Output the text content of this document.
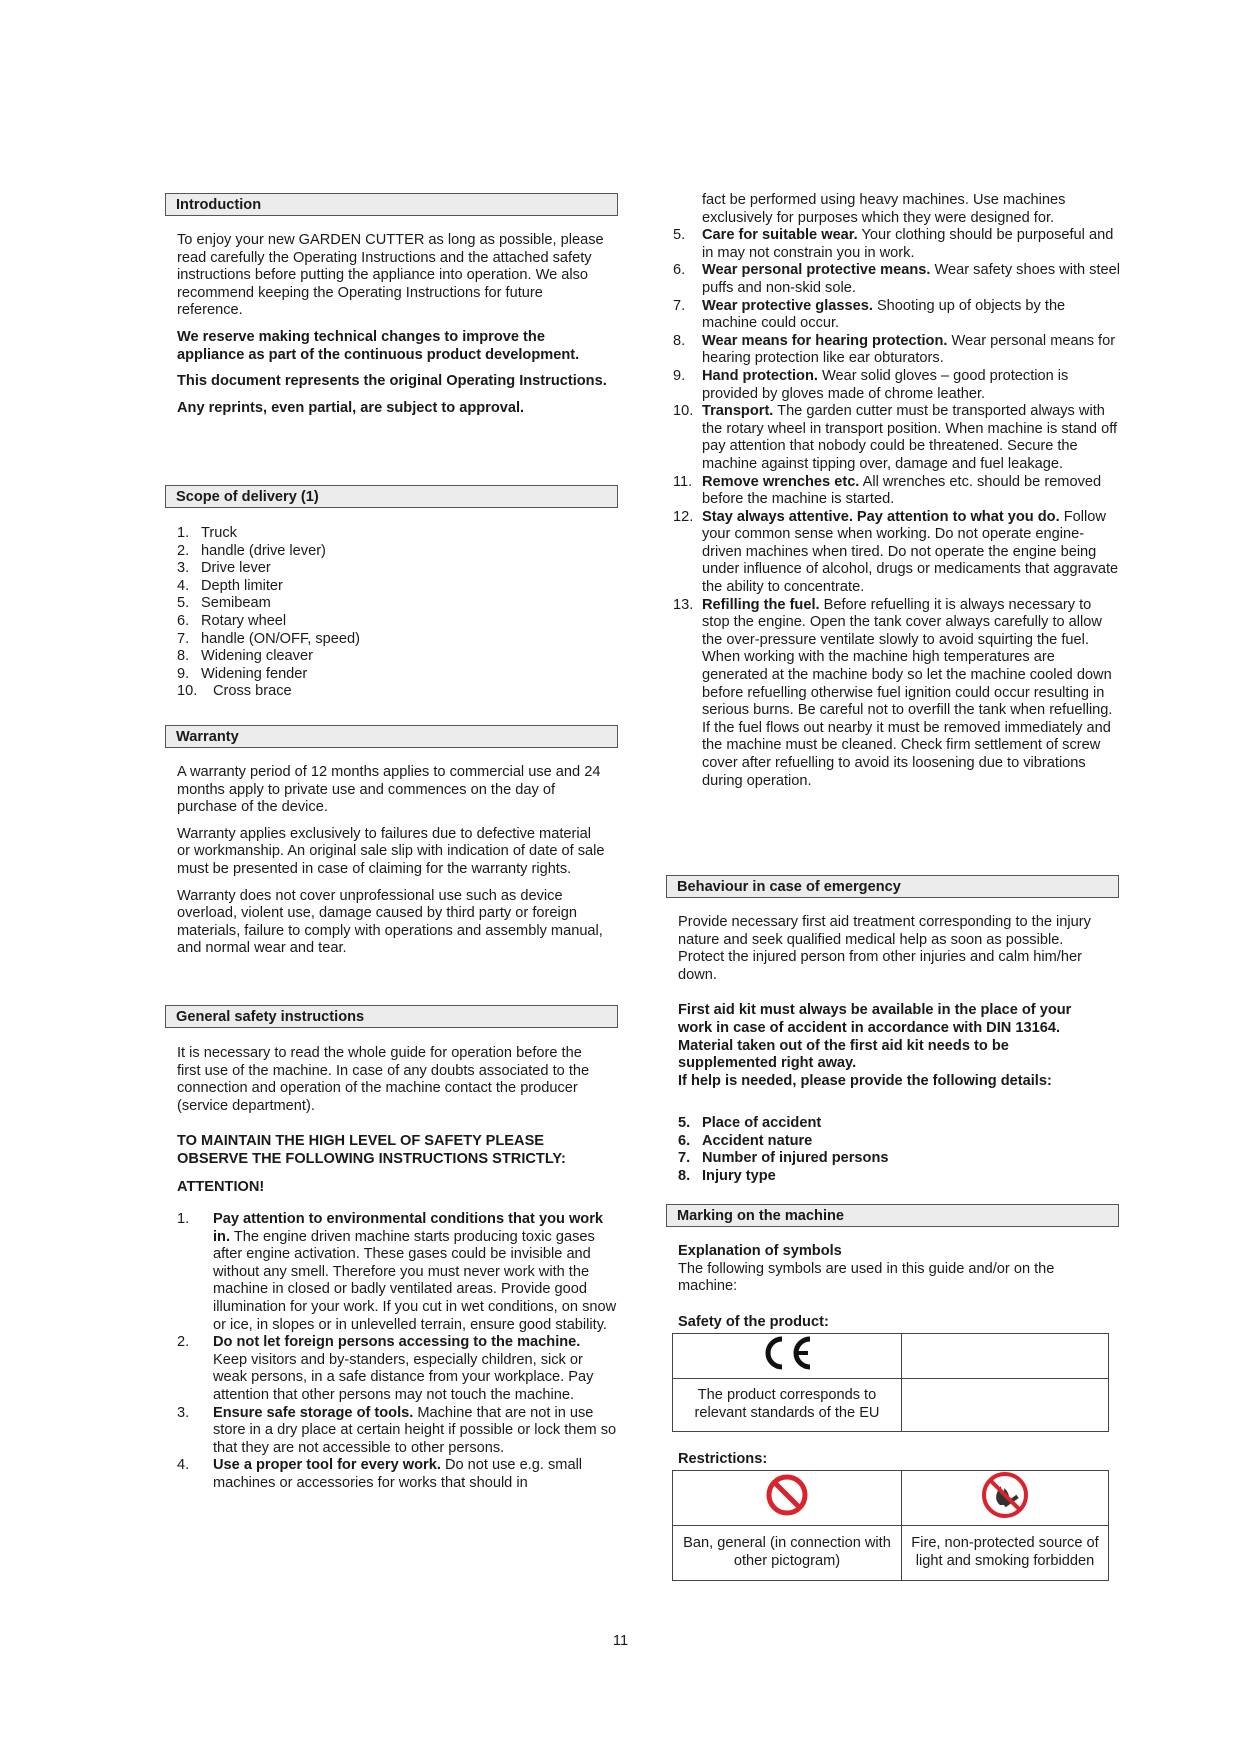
Introduction

To enjoy your new GARDEN CUTTER as long as possible, please read carefully the Operating Instructions and the attached safety instructions before putting the appliance into operation. We also recommend keeping the Operating Instructions for future reference.

We reserve making technical changes to improve the appliance as part of the continuous product development.

This document represents the original Operating Instructions.

Any reprints, even partial, are subject to approval.

Scope of delivery (1)
1. Truck
2. handle (drive lever)
3. Drive lever
4. Depth limiter
5. Semibeam
6. Rotary wheel
7. handle (ON/OFF, speed)
8. Widening cleaver
9. Widening fender
10. Cross brace
Warranty

A warranty period of 12 months applies to commercial use and 24 months apply to private use and commences on the day of purchase of the device.

Warranty applies exclusively to failures due to defective material or workmanship. An original sale slip with indication of date of sale must be presented in case of claiming for the warranty rights.

Warranty does not cover unprofessional use such as device overload, violent use, damage caused by third party or foreign materials, failure to comply with operations and assembly manual, and normal wear and tear.

General safety instructions

It is necessary to read the whole guide for operation before the first use of the machine. In case of any doubts associated to the connection and operation of the machine contact the producer (service department).

TO MAINTAIN THE HIGH LEVEL OF SAFETY PLEASE OBSERVE THE FOLLOWING INSTRUCTIONS STRICTLY:

ATTENTION!

1. Pay attention to environmental conditions that you work in. The engine driven machine starts producing toxic gases after engine activation. These gases could be invisible and without any smell. Therefore you must never work with the machine in closed or badly ventilated areas. Provide good illumination for your work. If you cut in wet conditions, on snow or ice, in slopes or in unlevelled terrain, ensure good stability.
2. Do not let foreign persons accessing to the machine. Keep visitors and by-standers, especially children, sick or weak persons, in a safe distance from your workplace. Pay attention that other persons may not touch the machine.
3. Ensure safe storage of tools. Machine that are not in use store in a dry place at certain height if possible or lock them so that they are not accessible to other persons.
4. Use a proper tool for every work. Do not use e.g. small machines or accessories for works that should in
fact be performed using heavy machines. Use machines exclusively for purposes which they were designed for.
5. Care for suitable wear. Your clothing should be purposeful and in may not constrain you in work.
6. Wear personal protective means. Wear safety shoes with steel puffs and non-skid sole.
7. Wear protective glasses. Shooting up of objects by the machine could occur.
8. Wear means for hearing protection. Wear personal means for hearing protection like ear obturators.
9. Hand protection. Wear solid gloves – good protection is provided by gloves made of chrome leather.
10. Transport. The garden cutter must be transported always with the rotary wheel in transport position. When machine is stand off pay attention that nobody could be threatened. Secure the machine against tipping over, damage and fuel leakage.
11. Remove wrenches etc. All wrenches etc. should be removed before the machine is started.
12. Stay always attentive. Pay attention to what you do. Follow your common sense when working. Do not operate engine-driven machines when tired. Do not operate the engine being under influence of alcohol, drugs or medicaments that aggravate the ability to concentrate.
13. Refilling the fuel. Before refuelling it is always necessary to stop the engine. Open the tank cover always carefully to allow the over-pressure ventilate slowly to avoid squirting the fuel. When working with the machine high temperatures are generated at the machine body so let the machine cooled down before refuelling otherwise fuel ignition could occur resulting in serious burns. Be careful not to overfill the tank when refuelling. If the fuel flows out nearby it must be removed immediately and the machine must be cleaned. Check firm settlement of screw cover after refuelling to avoid its loosening due to vibrations during operation.
Behaviour in case of emergency

Provide necessary first aid treatment corresponding to the injury nature and seek qualified medical help as soon as possible. Protect the injured person from other injuries and calm him/her down.

First aid kit must always be available in the place of your work in case of accident in accordance with DIN 13164. Material taken out of the first aid kit needs to be supplemented right away.

If help is needed, please provide the following details:

5. Place of accident
6. Accident nature
7. Number of injured persons
8. Injury type
Marking on the machine

Explanation of symbols

The following symbols are used in this guide and/or on the machine:

Safety of the product:

The product corresponds to relevant standards of the EU	

Restrictions:

Ban, general (in connection with other pictogram)	Fire, non-protected source of light and smoking forbidden
11
